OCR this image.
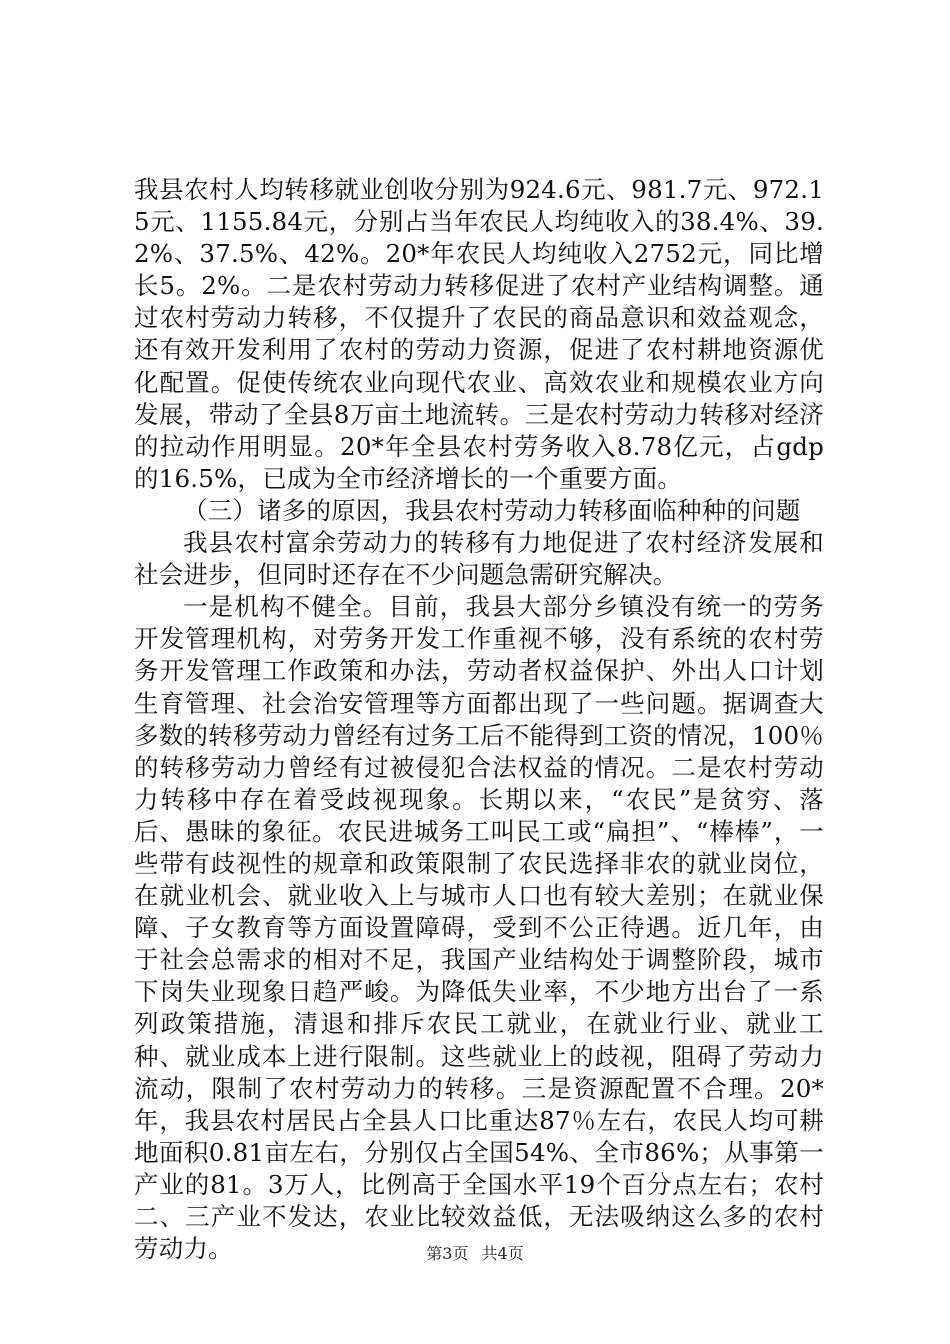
我县农村人均转移就业创收分别为924.6元、981.7元、972.15元、1155.84元，分别占当年农民人均纯收入的38.4%、39.2%、37.5%、42%。20*年农民人均纯收入2752元，同比增长5。2%。二是农村劳动力转移促进了农村产业结构调整。通过农村劳动力转移，不仅提升了农民的商品意识和效益观念，还有效开发利用了农村的劳动力资源，促进了农村耕地资源优化配置。促使传统农业向现代农业、高效农业和规模农业方向发展，带动了全县8万亩土地流转。三是农村劳动力转移对经济的拉动作用明显。20*年全县农村劳务收入8.78亿元，占gdp的16.5%，已成为全市经济增长的一个重要方面。

（三）诸多的原因，我县农村劳动力转移面临种种的问题

我县农村富余劳动力的转移有力地促进了农村经济发展和社会进步，但同时还存在不少问题急需研究解决。

一是机构不健全。目前，我县大部分乡镇没有统一的劳务开发管理机构，对劳务开发工作重视不够，没有系统的农村劳务开发管理工作政策和办法，劳动者权益保护、外出人口计划生育管理、社会治安管理等方面都出现了一些问题。据调查大多数的转移劳动力曾经有过务工后不能得到工资的情况，100％的转移劳动力曾经有过被侵犯合法权益的情况。二是农村劳动力转移中存在着受歧视现象。长期以来，“农民”是贫穷、落后、愚昧的象征。农民进城务工叫民工或“扁担”、“棒棒”，一些带有歧视性的规章和政策限制了农民选择非农的就业岗位，在就业机会、就业收入上与城市人口也有较大差别；在就业保障、子女教育等方面设置障碍，受到不公正待遇。近几年，由于社会总需求的相对不足，我国产业结构处于调整阶段，城市下岗失业现象日趋严峻。为降低失业率，不少地方出台了一系列政策措施，清退和排斥农民工就业，在就业行业、就业工种、就业成本上进行限制。这些就业上的歧视，阻碍了劳动力流动，限制了农村劳动力的转移。三是资源配置不合理。20*年，我县农村居民占全县人口比重达87％左右，农民人均可耕地面积0.81亩左右，分别仅占全国54%、全市86%；从事第一产业的81。3万人，比例高于全国水平19个百分点左右；农村二、三产业不发达，农业比较效益低，无法吸纳这么多的农村劳动力。	第3页 共4页
